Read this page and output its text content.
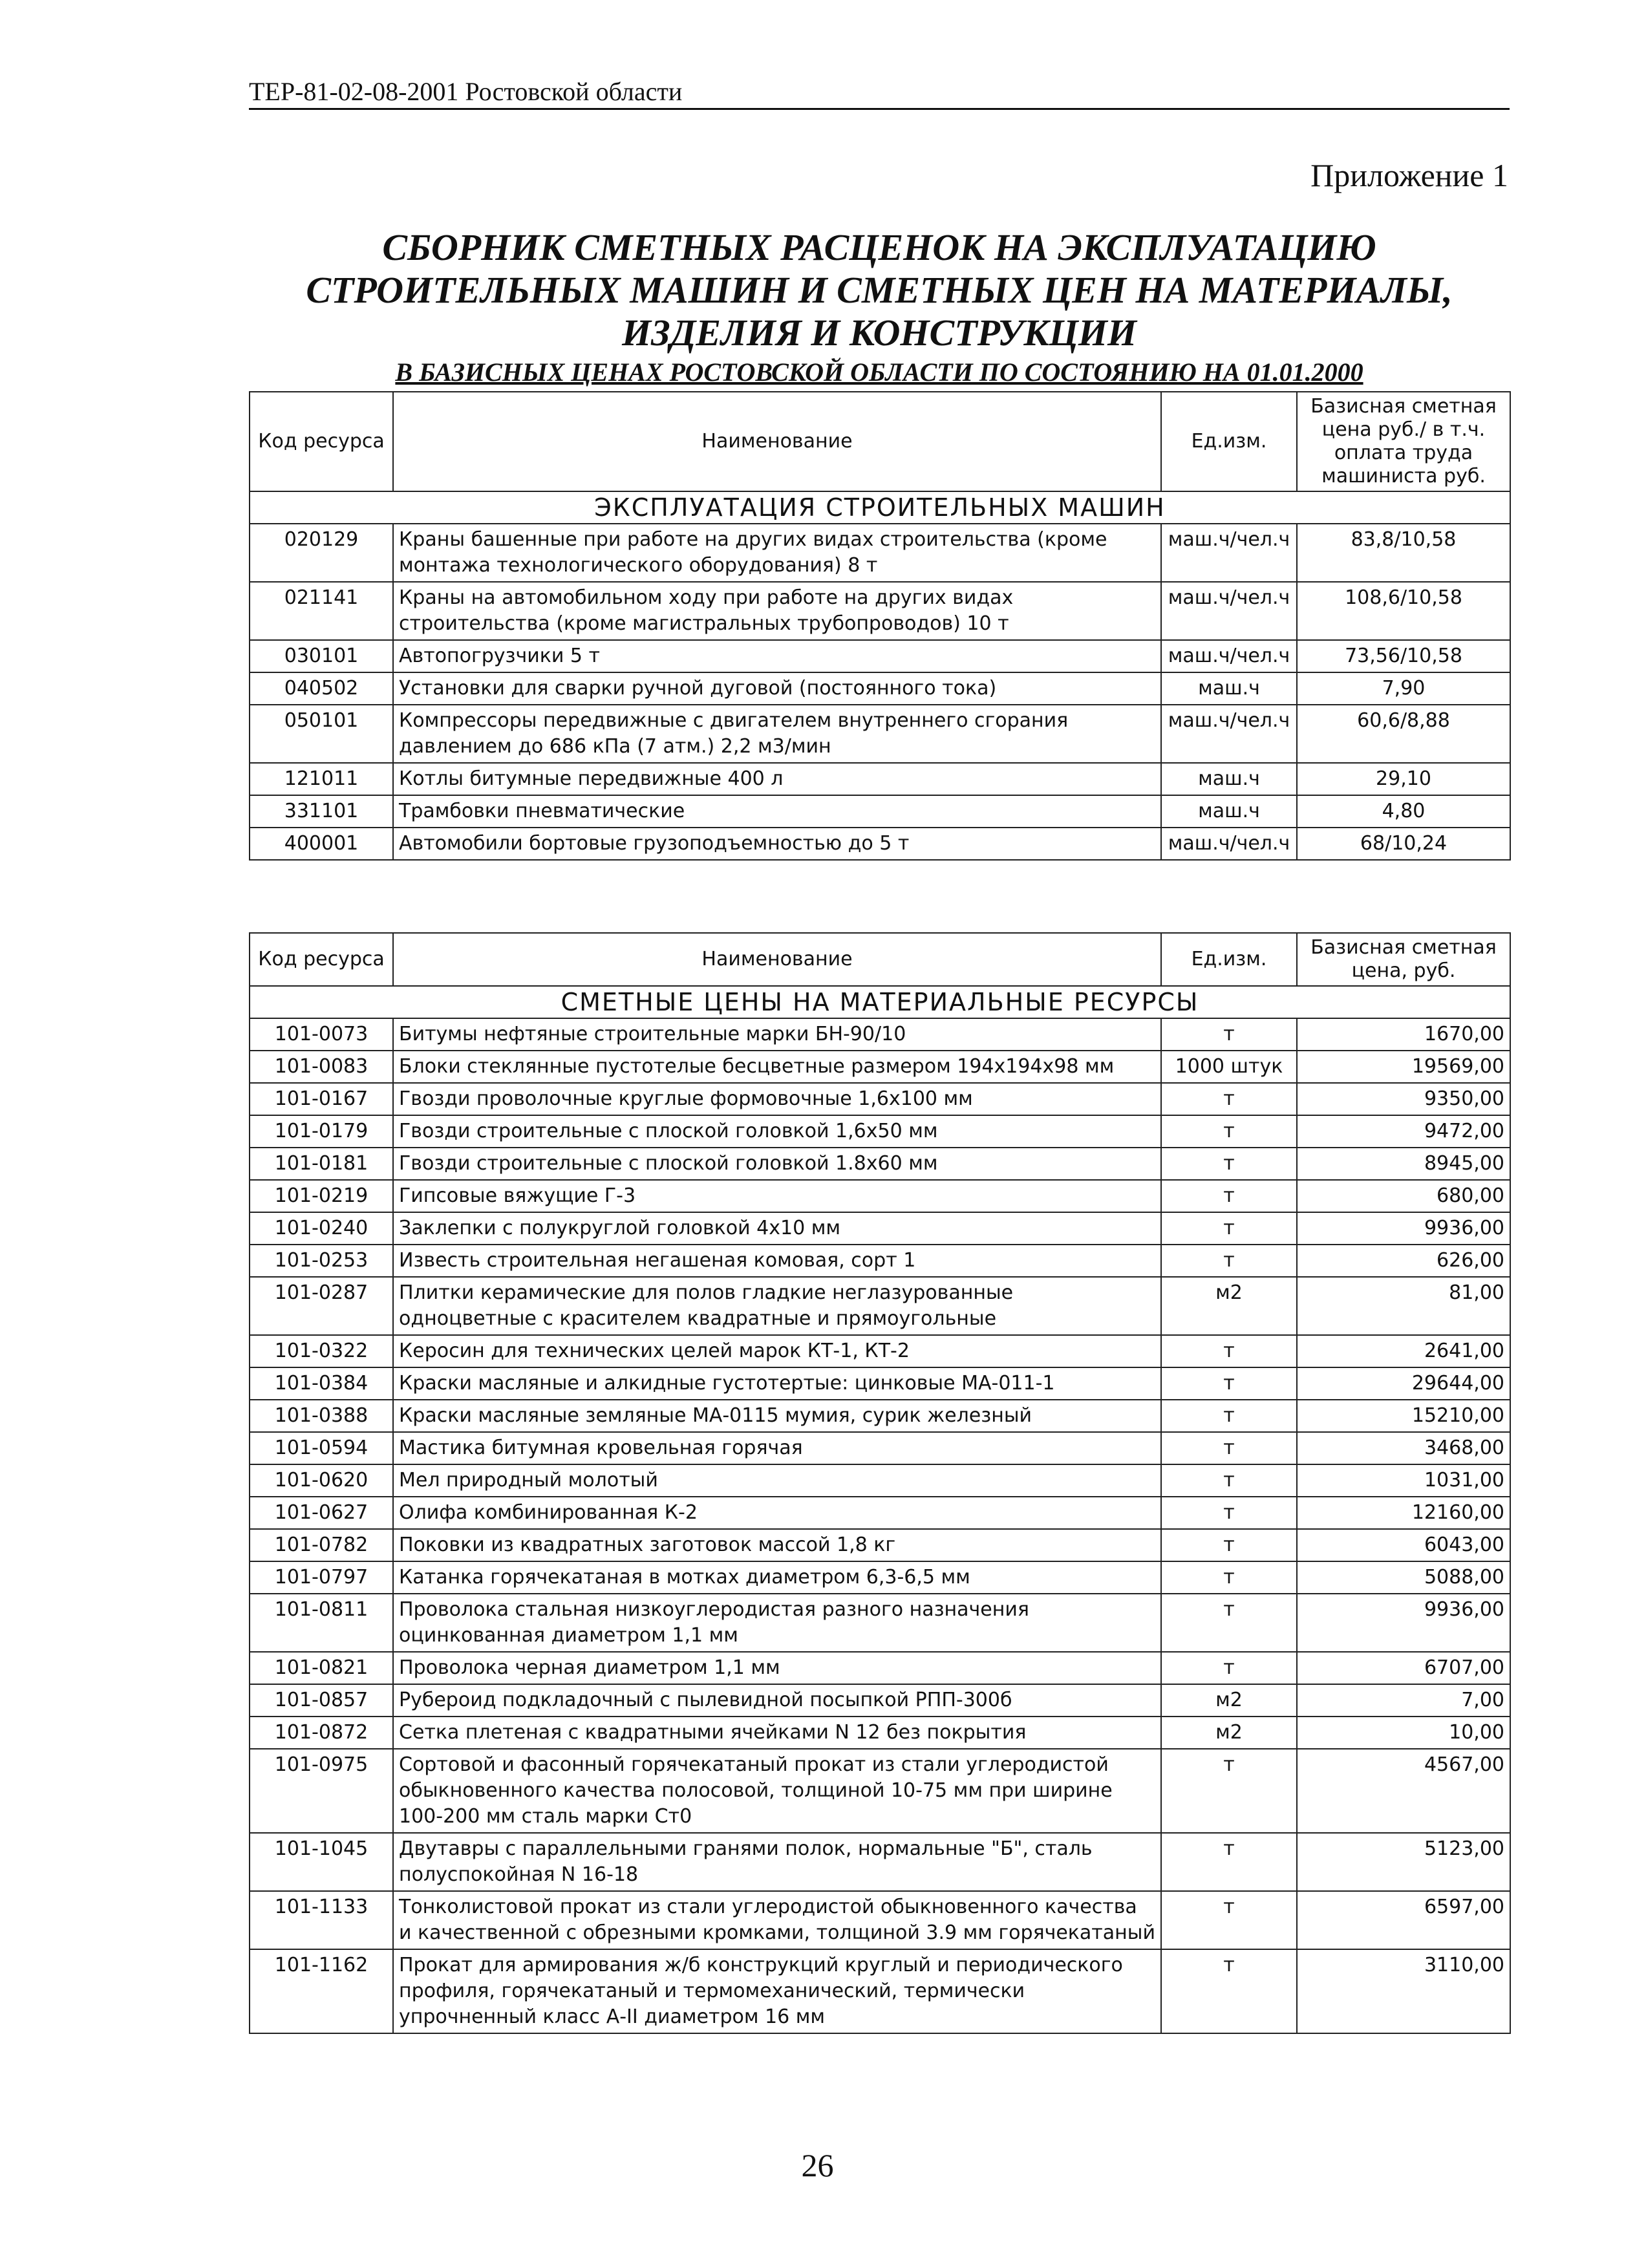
ТЕР-81-02-08-2001 Ростовской области
Приложение 1
СБОРНИК СМЕТНЫХ РАСЦЕНОК НА ЭКСПЛУАТАЦИЮ
СТРОИТЕЛЬНЫХ МАШИН И СМЕТНЫХ ЦЕН НА МАТЕРИАЛЫ,
ИЗДЕЛИЯ И КОНСТРУКЦИИ
В БАЗИСНЫХ ЦЕНАХ РОСТОВСКОЙ ОБЛАСТИ ПО СОСТОЯНИЮ НА 01.01.2000
Код ресурса	Наименование	Ед.изм.	Базисная сметная цена руб./ в т.ч. оплата труда машиниста руб.
ЭКСПЛУАТАЦИЯ СТРОИТЕЛЬНЫХ МАШИН			
020129	Краны башенные при работе на других видах строительства (кроме монтажа технологического оборудования) 8 т	маш.ч/чел.ч	83,8/10,58
021141	Краны на автомобильном ходу при работе на других видах строительства (кроме магистральных трубопроводов) 10 т	маш.ч/чел.ч	108,6/10,58
030101	Автопогрузчики 5 т	маш.ч/чел.ч	73,56/10,58
040502	Установки для сварки ручной дуговой (постоянного тока)	маш.ч	7,90
050101	Компрессоры передвижные с двигателем внутреннего сгорания давлением до 686 кПа (7 атм.) 2,2 м3/мин	маш.ч/чел.ч	60,6/8,88
121011	Котлы битумные передвижные 400 л	маш.ч	29,10
331101	Трамбовки пневматические	маш.ч	4,80
400001	Автомобили бортовые грузоподъемностью до 5 т	маш.ч/чел.ч	68/10,24
Код ресурса	Наименование	Ед.изм.	Базисная сметная цена, руб.
СМЕТНЫЕ ЦЕНЫ НА МАТЕРИАЛЬНЫЕ РЕСУРСЫ			
101-0073	Битумы нефтяные строительные марки БН-90/10	т	1670,00
101-0083	Блоки стеклянные пустотелые бесцветные размером 194х194х98 мм	1000 штук	19569,00
101-0167	Гвозди проволочные круглые формовочные 1,6х100 мм	т	9350,00
101-0179	Гвозди строительные с плоской головкой 1,6х50 мм	т	9472,00
101-0181	Гвозди строительные с плоской головкой 1.8х60 мм	т	8945,00
101-0219	Гипсовые вяжущие Г-3	т	680,00
101-0240	Заклепки с полукруглой головкой 4х10 мм	т	9936,00
101-0253	Известь строительная негашеная комовая, сорт 1	т	626,00
101-0287	Плитки керамические для полов гладкие неглазурованные одноцветные с красителем квадратные и прямоугольные	м2	81,00
101-0322	Керосин для технических целей марок КТ-1, КТ-2	т	2641,00
101-0384	Краски масляные и алкидные густотертые: цинковые МА-011-1	т	29644,00
101-0388	Краски масляные земляные МА-0115 мумия, сурик железный	т	15210,00
101-0594	Мастика битумная кровельная горячая	т	3468,00
101-0620	Мел природный молотый	т	1031,00
101-0627	Олифа комбинированная К-2	т	12160,00
101-0782	Поковки из квадратных заготовок массой 1,8 кг	т	6043,00
101-0797	Катанка горячекатаная в мотках диаметром 6,3-6,5 мм	т	5088,00
101-0811	Проволока стальная низкоуглеродистая разного назначения оцинкованная диаметром 1,1 мм	т	9936,00
101-0821	Проволока черная диаметром 1,1 мм	т	6707,00
101-0857	Рубероид подкладочный с пылевидной посыпкой РПП-300б	м2	7,00
101-0872	Сетка плетеная с квадратными ячейками N 12 без покрытия	м2	10,00
101-0975	Сортовой и фасонный горячекатаный прокат из стали углеродистой обыкновенного качества полосовой, толщиной 10-75 мм при ширине 100-200 мм сталь марки Ст0	т	4567,00
101-1045	Двутавры с параллельными гранями полок, нормальные "Б", сталь полуспокойная N 16-18	т	5123,00
101-1133	Тонколистовой прокат из стали углеродистой обыкновенного качества и качественной с обрезными кромками, толщиной 3.9 мм горячекатаный	т	6597,00
101-1162	Прокат для армирования ж/б конструкций круглый и периодического профиля, горячекатаный и термомеханический, термически упрочненный класс А-II диаметром 16 мм	т	3110,00
26
